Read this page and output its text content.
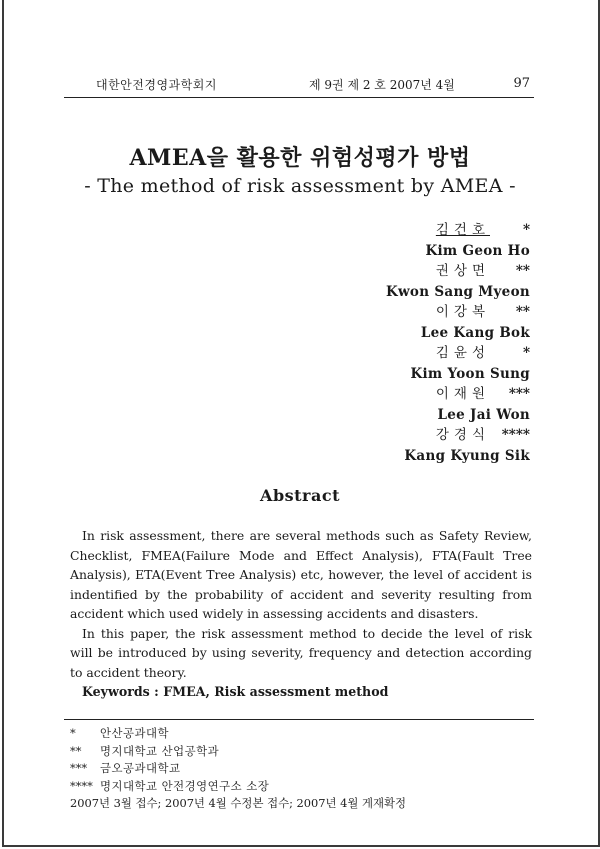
대한안전경영과학회지	제 9권 제 2 호 2007년 4월	97
AMEA을 활용한 위험성평가 방법
- The method of risk assessment by AMEA -
김건호 *
Kim Geon Ho
권상면 **
Kwon Sang Myeon
이강복 **
Lee Kang Bok
김윤성 *
Kim Yoon Sung
이재원 ***
Lee Jai Won
강경식 ****
Kang Kyung Sik
Abstract

In risk assessment, there are several methods such as Safety Review, Checklist, FMEA(Failure Mode and Effect Analysis), FTA(Fault Tree Analysis), ETA(Event Tree Analysis) etc, however, the level of accident is indentified by the probability of accident and severity resulting from accident which used widely in assessing accidents and disasters.

In this paper, the risk assessment method to decide the level of risk will be introduced by using severity, frequency and detection according to accident theory.

Keywords : FMEA, Risk assessment method

* 안산공과대학
** 명지대학교 산업공학과
*** 금오공과대학교
**** 명지대학교 안전경영연구소 소장
2007년 3월 접수; 2007년 4월 수정본 접수; 2007년 4월 게재확정
